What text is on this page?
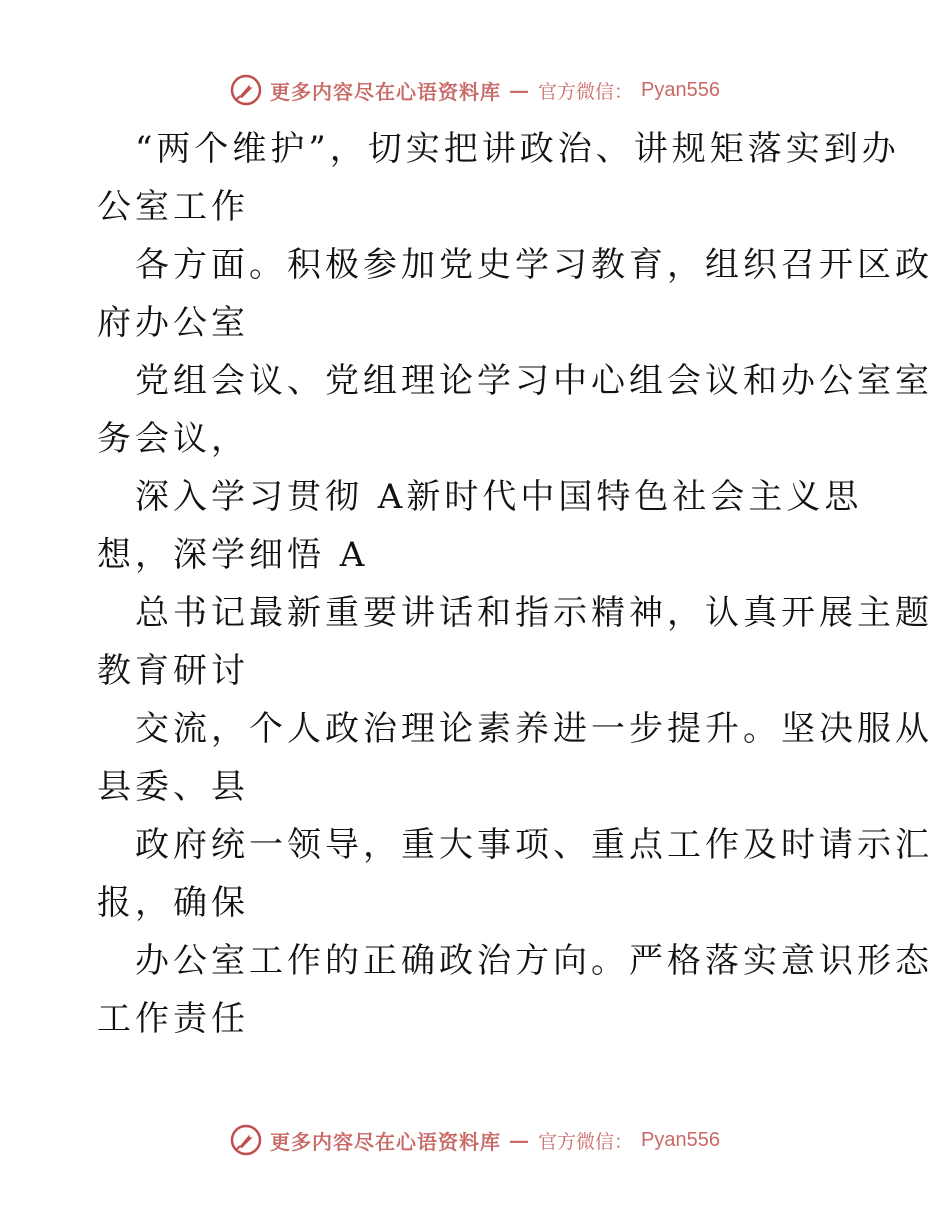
更多内容尽在心语资料库 — 官方微信： Pyan556
“两个维护”，切实把讲政治、讲规矩落实到办
公室工作
各方面。积极参加党史学习教育，组织召开区政
府办公室
党组会议、党组理论学习中心组会议和办公室室
务会议，
深入学习贯彻 A新时代中国特色社会主义思
想，深学细悟 A
总书记最新重要讲话和指示精神，认真开展主题
教育研讨
交流，个人政治理论素养进一步提升。坚决服从
县委、县
政府统一领导，重大事项、重点工作及时请示汇
报，确保
办公室工作的正确政治方向。严格落实意识形态
工作责任
更多内容尽在心语资料库 — 官方微信： Pyan556
